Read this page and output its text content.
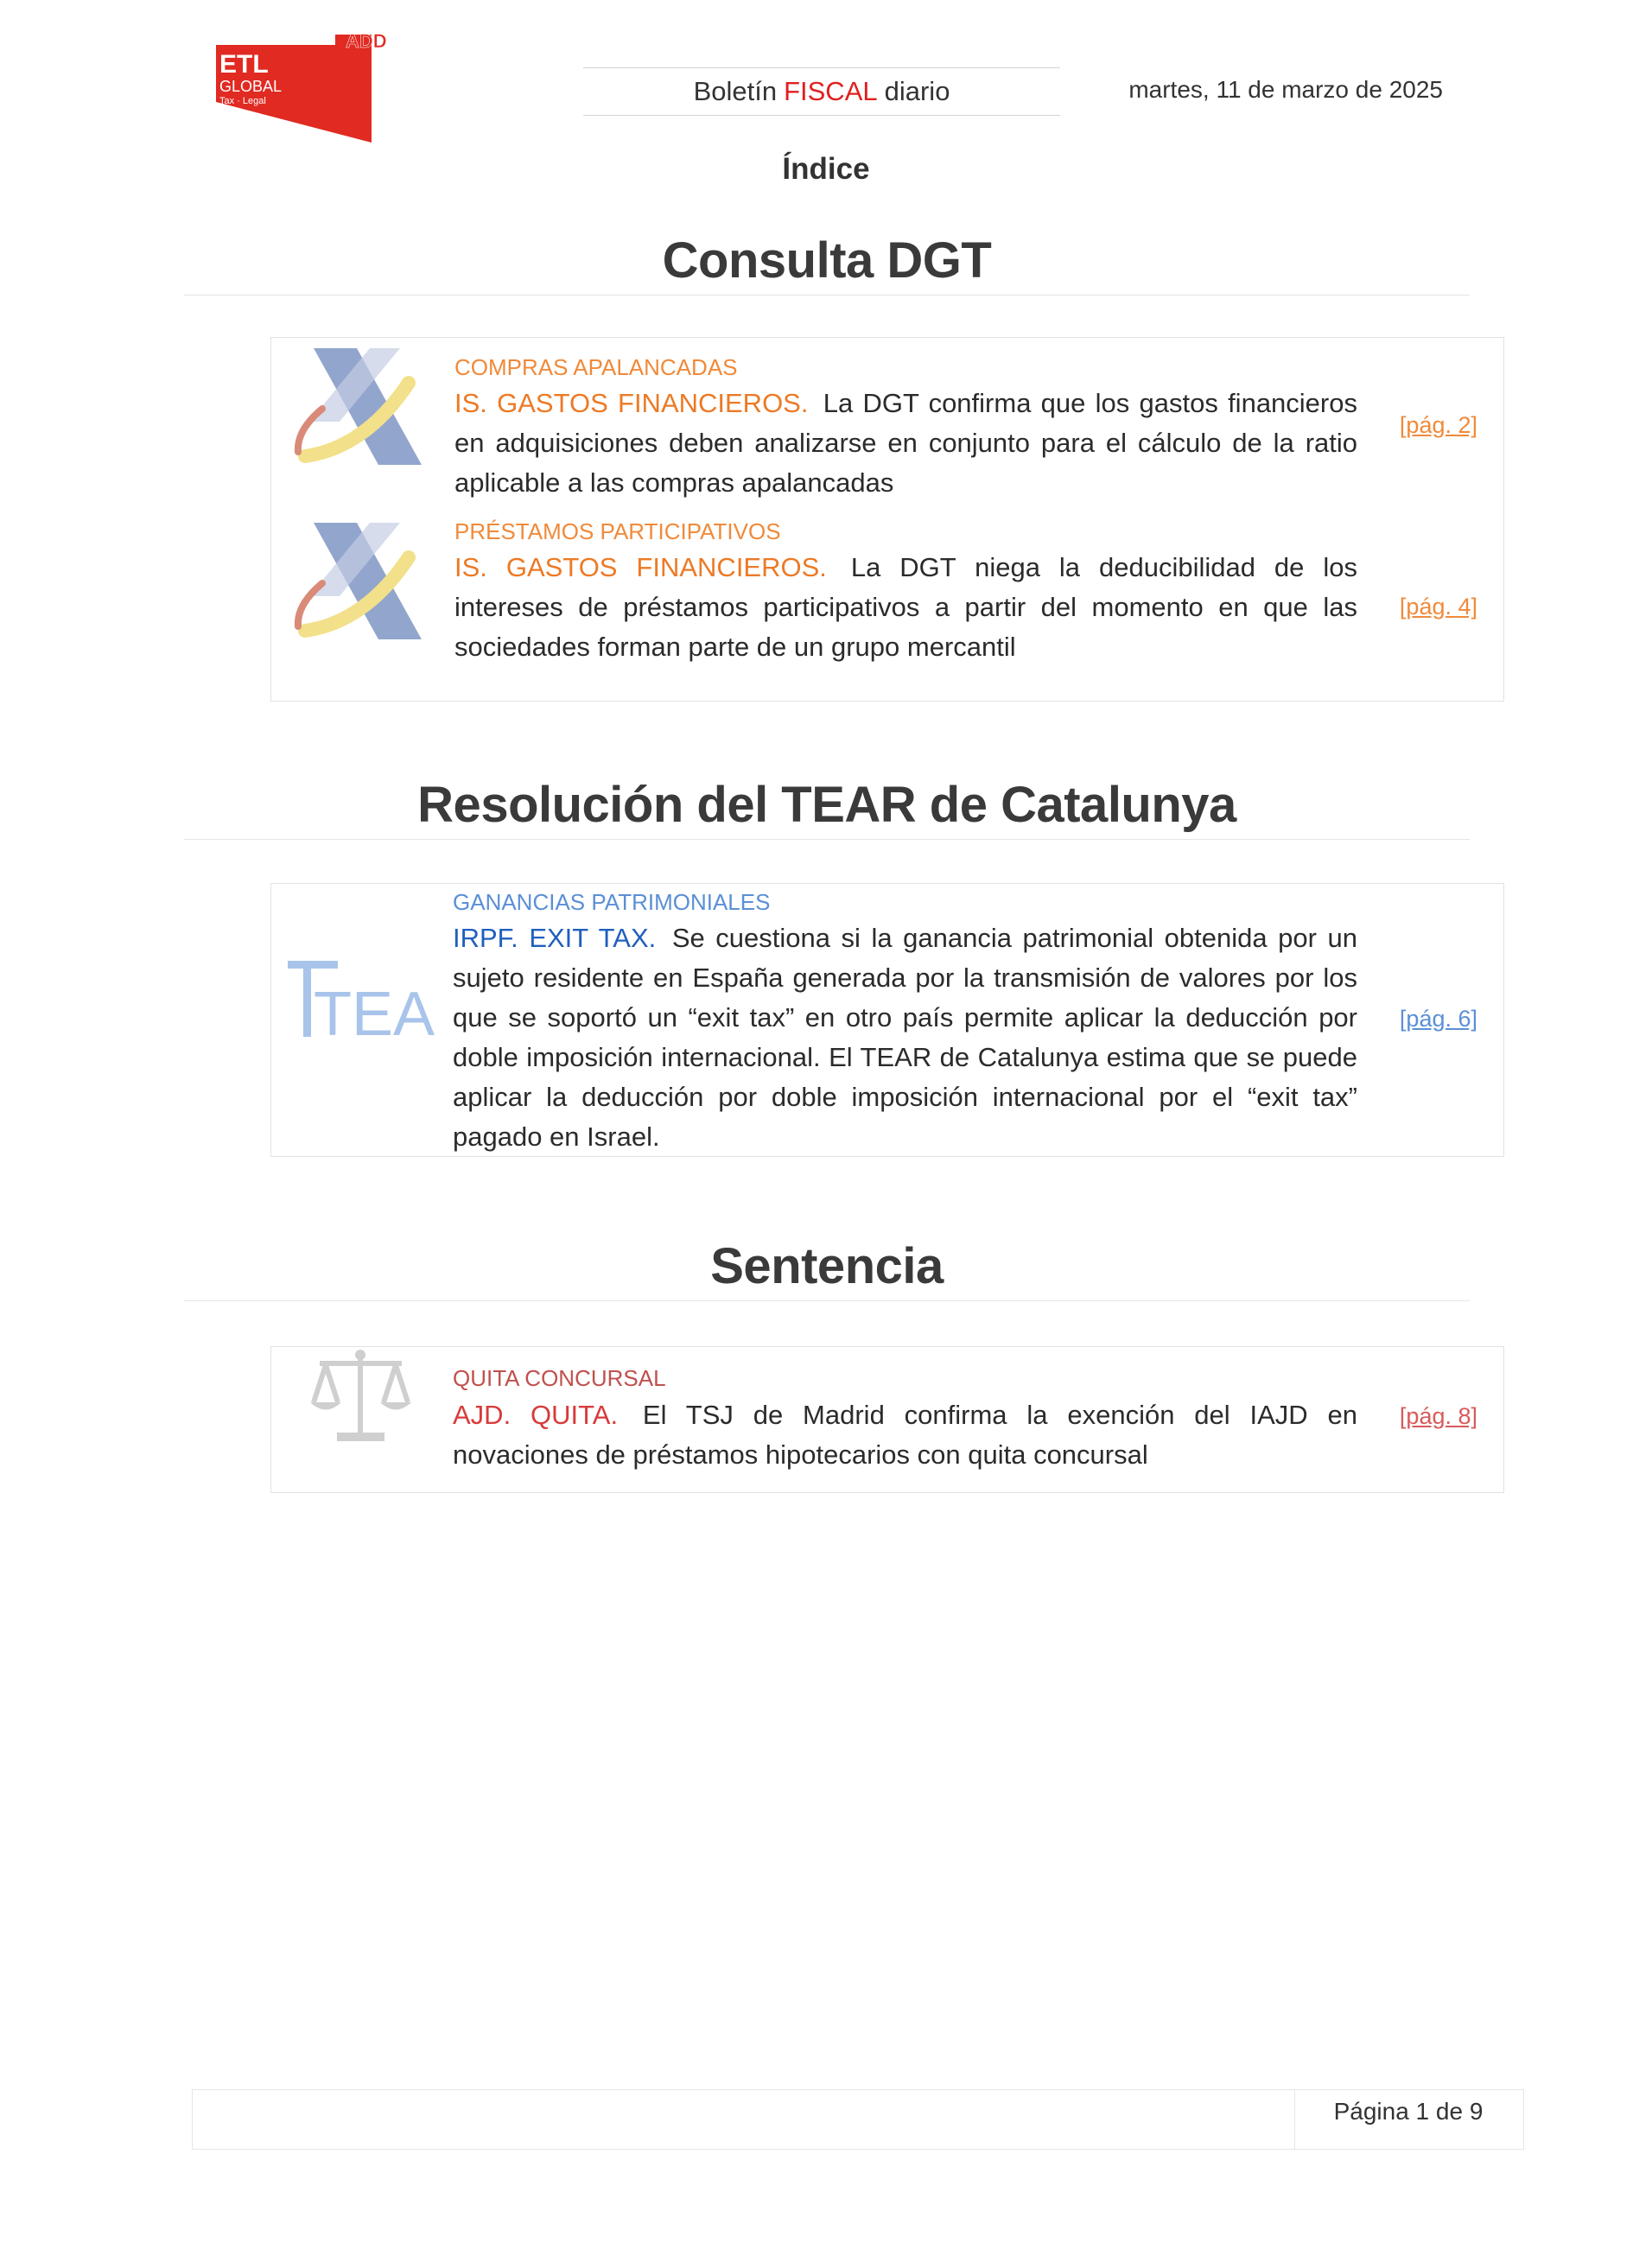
ADD
ETL
GLOBAL
Tax · Legal	Boletín FISCAL diario	martes, 11 de marzo de 2025
Índice
Consulta DGT
COMPRAS APALANCADAS
IS. GASTOS FINANCIEROS. La DGT confirma que los gastos financieros en adquisiciones deben analizarse en conjunto para el cálculo de la ratio aplicable a las compras apalancadas
[pág. 2]
PRÉSTAMOS PARTICIPATIVOS
IS. GASTOS FINANCIEROS. La DGT niega la deducibilidad de los intereses de préstamos participativos a partir del momento en que las sociedades forman parte de un grupo mercantil
[pág. 4]
Resolución del TEAR de Catalunya
TEA
GANANCIAS PATRIMONIALES
IRPF. EXIT TAX. Se cuestiona si la ganancia patrimonial obtenida por un sujeto residente en España generada por la transmisión de valores por los que se soportó un “exit tax” en otro país permite aplicar la deducción por doble imposición internacional. El TEAR de Catalunya estima que se puede aplicar la deducción por doble imposición internacional por el “exit tax” pagado en Israel.
[pág. 6]
Sentencia
QUITA CONCURSAL
AJD. QUITA. El TSJ de Madrid confirma la exención del IAJD en novaciones de préstamos hipotecarios con quita concursal
[pág. 8]
Página 1 de 9
